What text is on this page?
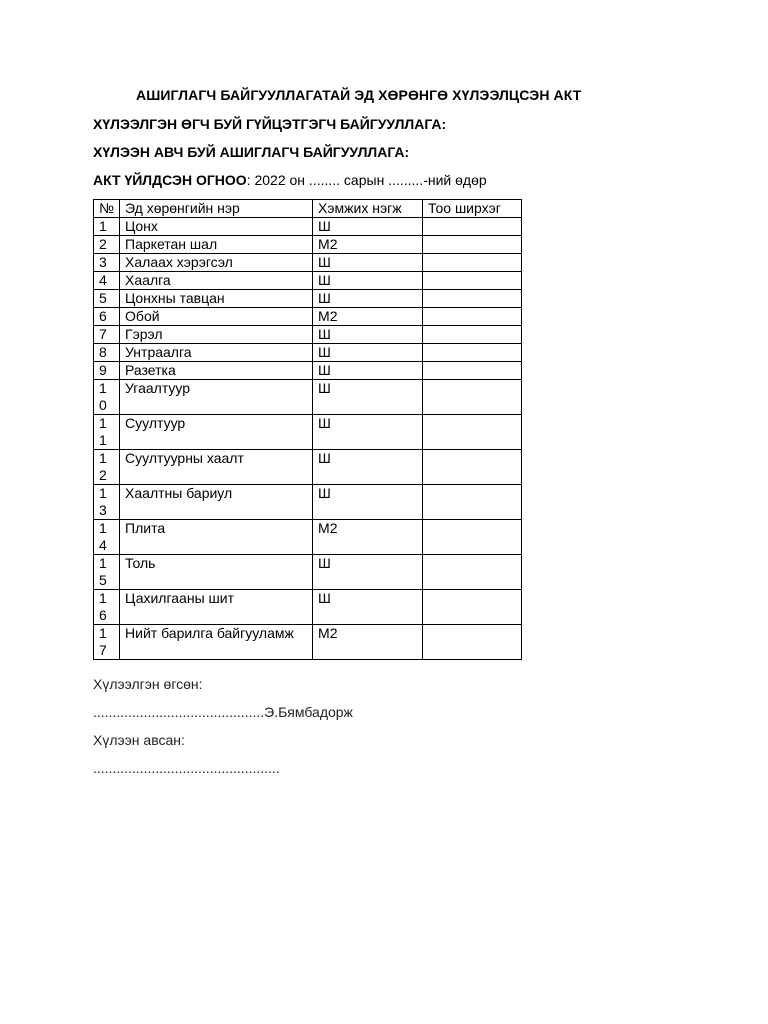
АШИГЛАГЧ БАЙГУУЛЛАГАТАЙ ЭД ХӨРӨНГӨ ХҮЛЭЭЛЦСЭН АКТ
ХҮЛЭЭЛГЭН ӨГЧ БУЙ ГҮЙЦЭТГЭГЧ БАЙГУУЛЛАГА:
ХҮЛЭЭН АВЧ БУЙ АШИГЛАГЧ БАЙГУУЛЛАГА:
АКТ ҮЙЛДСЭН ОГНОО: 2022 он ........ сарын .........-ний өдөр
№	Эд хөрөнгийн нэр	Хэмжих нэгж	Тоо ширхэг
1	Цонх	Ш	
2	Паркетан шал	М2	
3	Халаах хэрэгсэл	Ш	
4	Хаалга	Ш	
5	Цонхны тавцан	Ш	
6	Обой	М2	
7	Гэрэл	Ш	
8	Унтраалга	Ш	
9	Разетка	Ш	
10	Угаалтуур	Ш	
11	Суултуур	Ш	
12	Суултуурны хаалт	Ш	
13	Хаалтны бариул	Ш	
14	Плита	М2	
15	Толь	Ш	
16	Цахилгааны шит	Ш	
17	Нийт барилга байгууламж	М2	
Хүлээлгэн өгсөн:
............................................Э.Бямбадорж
Хүлээн авсан:
................................................
